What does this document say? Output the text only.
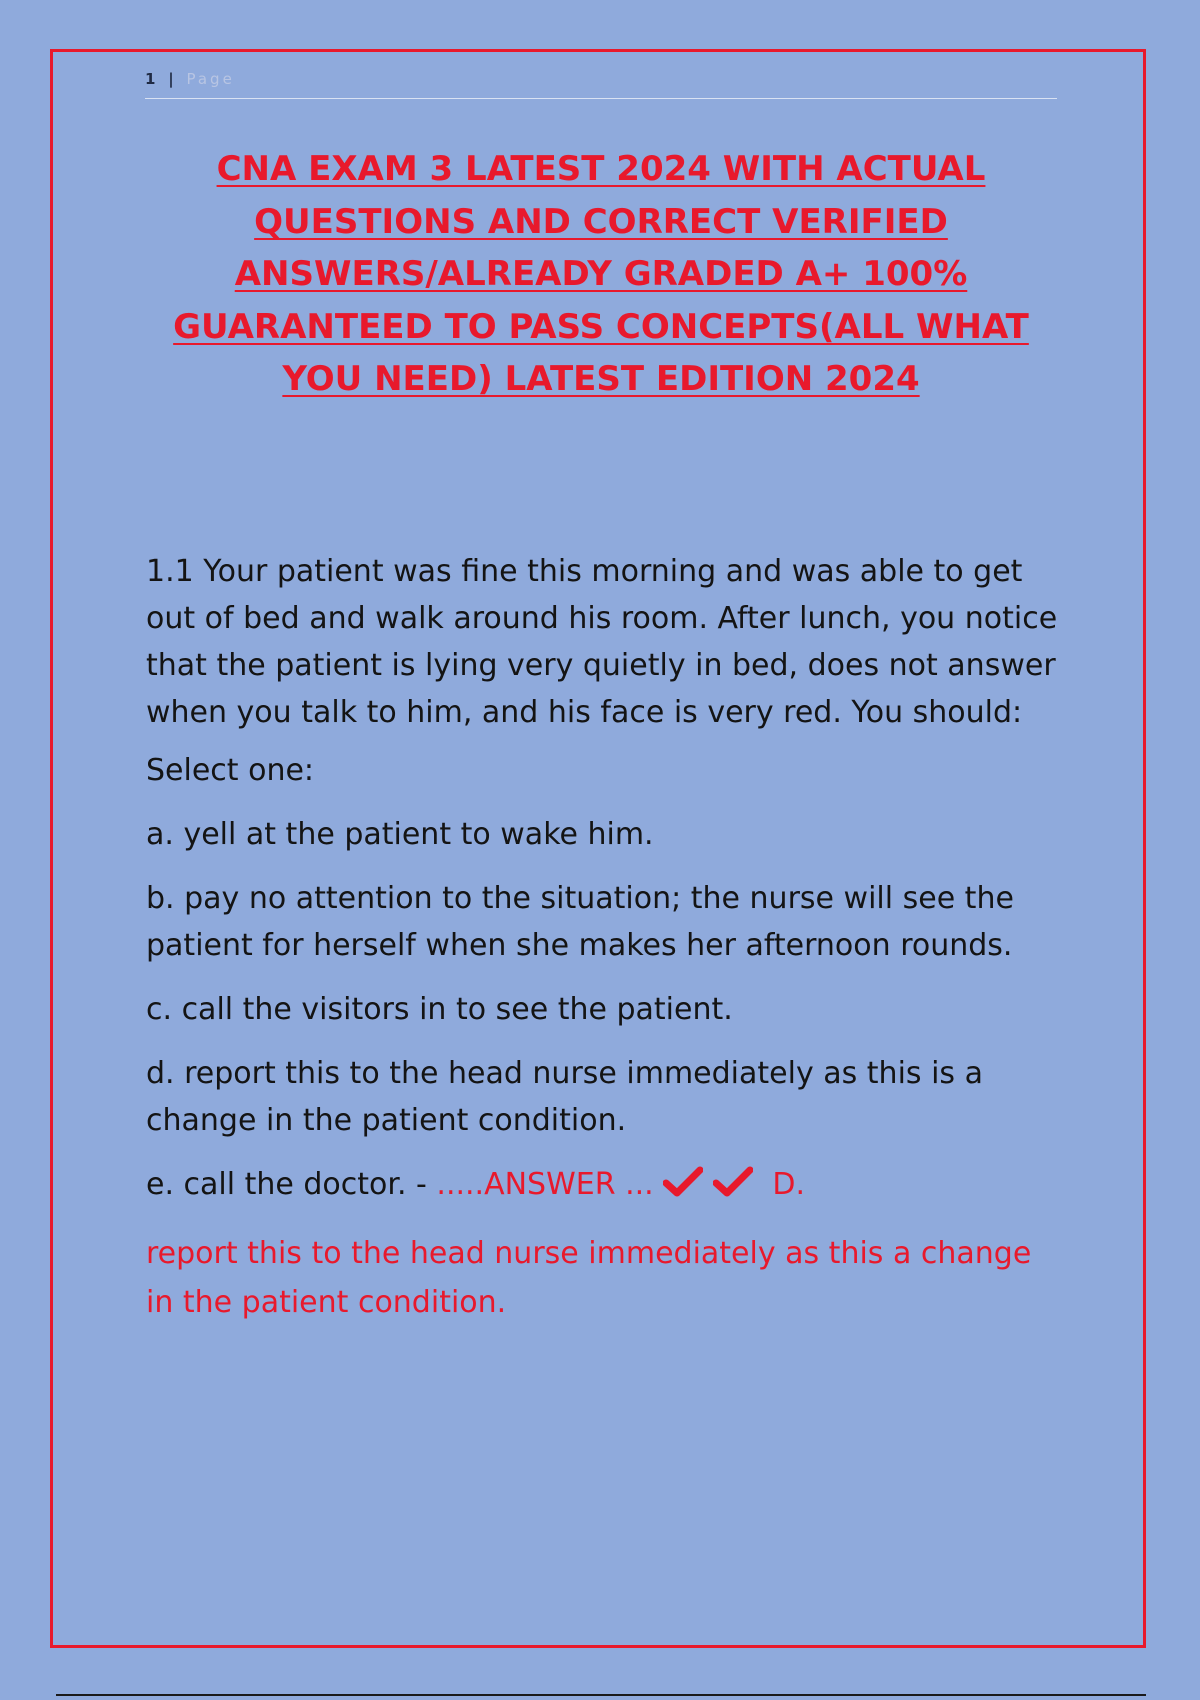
1 | Page
CNA EXAM 3 LATEST 2024 WITH ACTUAL QUESTIONS AND CORRECT VERIFIED ANSWERS/ALREADY GRADED A+ 100% GUARANTEED TO PASS CONCEPTS(ALL WHAT YOU NEED) LATEST EDITION 2024

1.1 Your patient was fine this morning and was able to get out of bed and walk around his room. After lunch, you notice that the patient is lying very quietly in bed, does not answer when you talk to him, and his face is very red. You should:

Select one:

a. yell at the patient to wake him.

b. pay no attention to the situation; the nurse will see the patient for herself when she makes her afternoon rounds.

c. call the visitors in to see the patient.

d. report this to the head nurse immediately as this is a change in the patient condition.

e. call the doctor. - .....ANSWER ...	D.

report this to the head nurse immediately as this a change in the patient condition.
